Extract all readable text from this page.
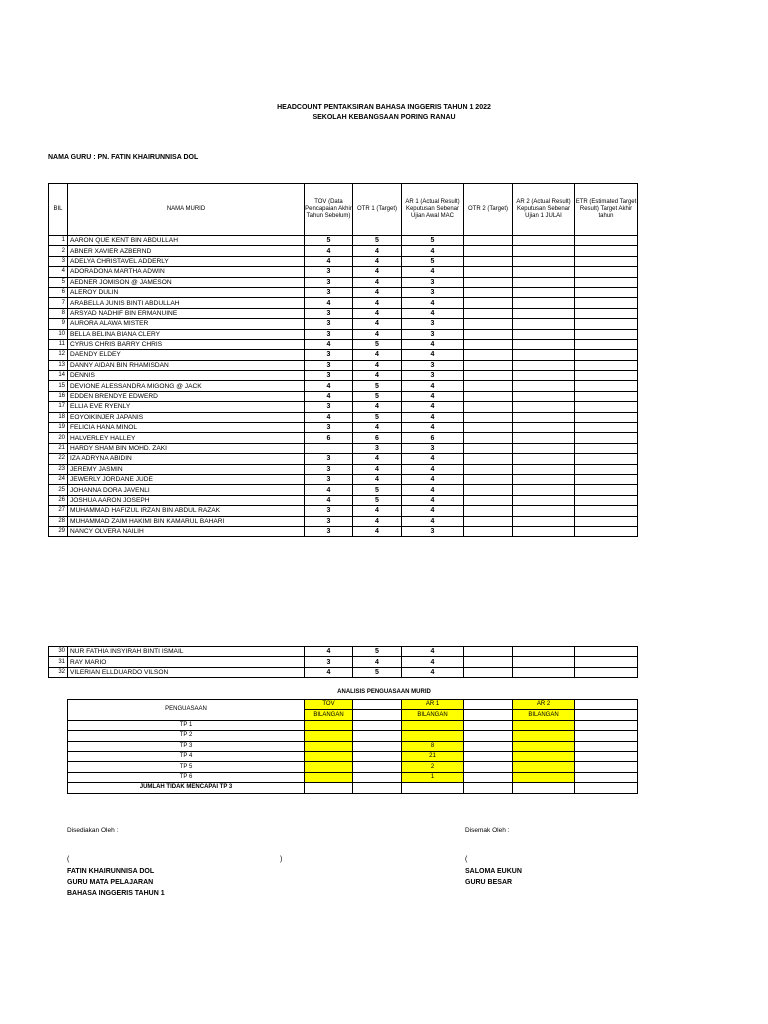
HEADCOUNT PENTAKSIRAN BAHASA INGGERIS TAHUN 1 2022
SEKOLAH KEBANGSAAN PORING RANAU
NAMA GURU : PN. FATIN KHAIRUNNISA DOL
BIL	NAMA MURID	TOV (Data Pencapaian Akhir Tahun Sebelum)	OTR 1 (Target)	AR 1 (Actual Result) Keputusan Sebenar Ujian Awal MAC	OTR 2 (Target)	AR 2 (Actual Result) Keputusan Sebenar Ujian 1 JULAI	ETR (Estimated Target Result) Target Akhir tahun
1	AARON QUE KENT BIN ABDULLAH	5	5	5			
2	ABNER XAVIER AZBERND	4	4	4			
3	ADELYA CHRISTAVEL ADDERLY	4	4	5			
4	ADORADONA MARTHA ADWIN	3	4	4			
5	AEDNER JOMISON @ JAMESON	3	4	3			
6	ALEROY DULIN	3	4	3			
7	ARABELLA JUNIS BINTI ABDULLAH	4	4	4			
8	ARSYAD NADHIF BIN ERMANUINE	3	4	4			
9	AURORA ALAWA MISTER	3	4	3			
10	BELLA BELINA BIANA CLERY	3	4	3			
11	CYRUS CHRIS BARRY CHRIS	4	5	4			
12	DAENDY ELDEY	3	4	4			
13	DANNY AIDAN BIN RHAMISDAN	3	4	3			
14	DENNIS	3	4	3			
15	DEVIONE ALESSANDRA MIGONG @ JACK	4	5	4			
16	EDDEN BRENDYE EDWERD	4	5	4			
17	ELLIA EVE RYENLY	3	4	4			
18	EOYOIKINJER JAPANIS	4	5	4			
19	FELICIA HANA MINOL	3	4	4			
20	HALVERLEY HALLEY	6	6	6			
21	HARDY SHAM BIN MOHD. ZAKI		3	3			
22	IZA ADRYNA ABIDIN	3	4	4			
23	JEREMY JASMIN	3	4	4			
24	JEWERLY JORDANE JUDE	3	4	4			
25	JOHANNA DORA JAVENLI	4	5	4			
26	JOSHUA AARON JOSEPH	4	5	4			
27	MUHAMMAD HAFIZUL IRZAN BIN ABDUL RAZAK	3	4	4			
28	MUHAMMAD ZAIM HAKIMI BIN KAMARUL BAHARI	3	4	4			
29	NANCY OLVERA NAILIH	3	4	3			
30	NUR FATHIA INSYIRAH BINTI ISMAIL	4	5	4			
31	RAY MARIO	3	4	4			
32	VILERIAN ELLDUARDO VILSON	4	5	4			
ANALISIS PENGUASAAN MURID
PENGUASAAN	TOV		AR 1		AR 2	
	BILANGAN		BILANGAN		BILANGAN	
TP 1						
TP 2						
TP 3			8			
TP 4			21			
TP 5			2			
TP 6			1			
JUMLAH TIDAK MENCAPAI TP 3						
Disediakan Oleh :	Disemak Oleh :
(	)	(
FATIN KHAIRUNNISA DOL
GURU MATA PELAJARAN
BAHASA INGGERIS TAHUN 1
SALOMA EUKUN
GURU BESAR
